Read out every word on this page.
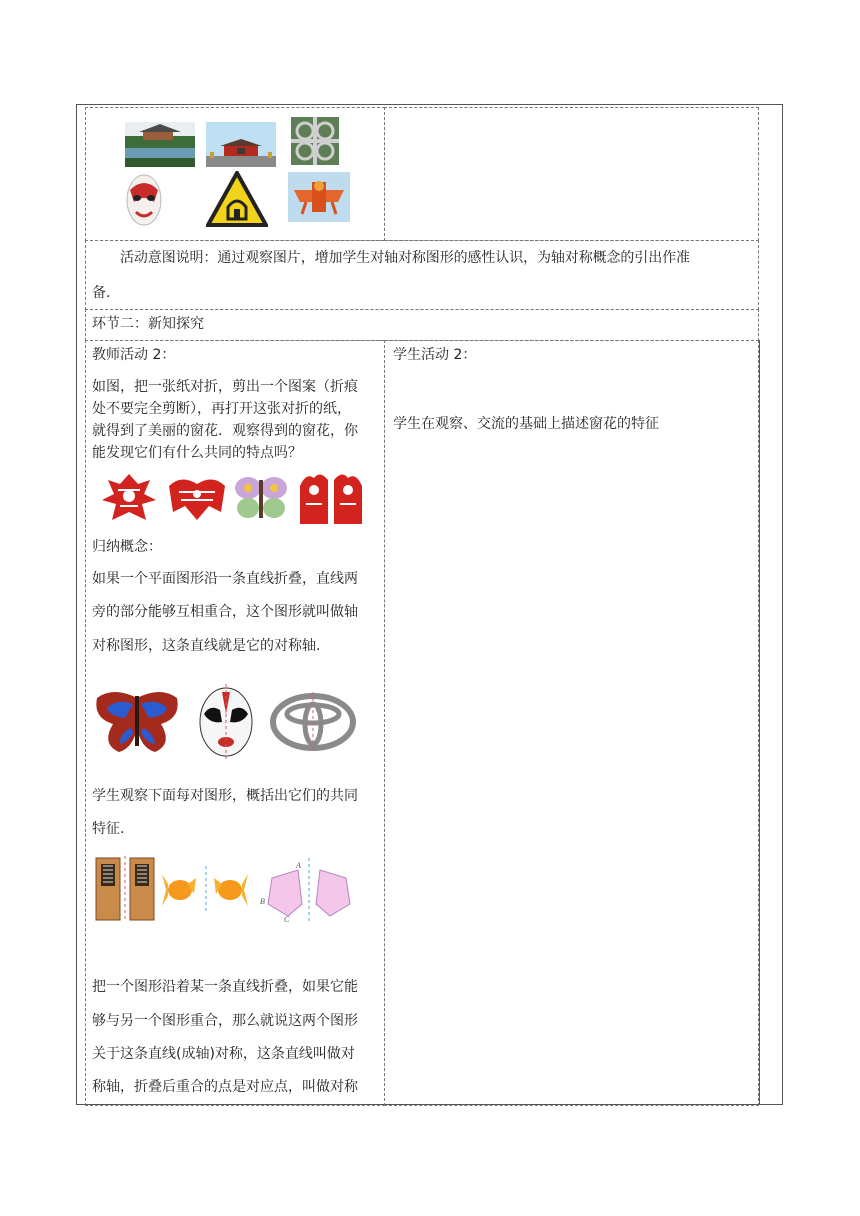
活动意图说明：通过观察图片，增加学生对轴对称图形的感性认识，为轴对称概念的引出作准
备.
环节二：新知探究
教师活动 2：	学生活动 2：
学生在观察、交流的基础上描述窗花的特征
如图，把一张纸对折，剪出一个图案（折痕
处不要完全剪断），再打开这张对折的纸，
就得到了美丽的窗花．观察得到的窗花，你
能发现它们有什么共同的特点吗？
归纳概念：
如果一个平面图形沿一条直线折叠，直线两
旁的部分能够互相重合，这个图形就叫做轴
对称图形，这条直线就是它的对称轴.
学生观察下面每对图形，概括出它们的共同
特征.
A
B
C
把一个图形沿着某一条直线折叠，如果它能
够与另一个图形重合，那么就说这两个图形
关于这条直线(成轴)对称，这条直线叫做对
称轴，折叠后重合的点是对应点，叫做对称
